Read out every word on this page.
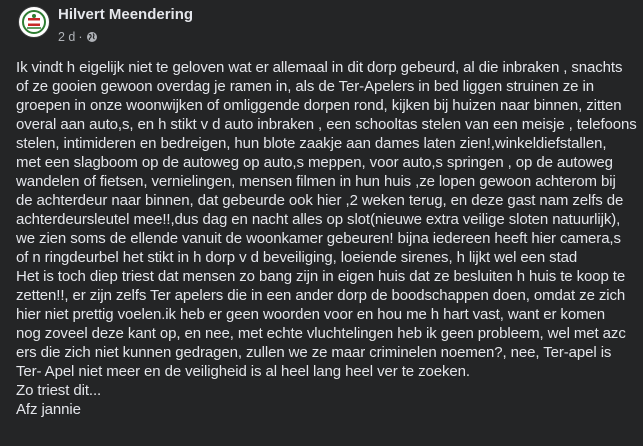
Hilvert Meendering
2 d ·
Ik vindt h eigelijk niet te geloven wat er allemaal in dit dorp gebeurd, al die inbraken , snachts
of ze gooien gewoon overdag je ramen in, als de Ter-Apelers in bed liggen struinen ze in
groepen in onze woonwijken of omliggende dorpen rond, kijken bij huizen naar binnen, zitten
overal aan auto,s, en h stikt v d auto inbraken , een schooltas stelen van een meisje , telefoons
stelen, intimideren en bedreigen, hun blote zaakje aan dames laten zien!,winkeldiefstallen,
met een slagboom op de autoweg op auto,s meppen, voor auto,s springen , op de autoweg
wandelen of fietsen, vernielingen, mensen filmen in hun huis ,ze lopen gewoon achterom bij
de achterdeur naar binnen, dat gebeurde ook hier ,2 weken terug, en deze gast nam zelfs de
achterdeursleutel mee!!,dus dag en nacht alles op slot(nieuwe extra veilige sloten natuurlijk),
we zien soms de ellende vanuit de woonkamer gebeuren! bijna iedereen heeft hier camera,s
of n ringdeurbel het stikt in h dorp v d beveiliging, loeiende sirenes, h lijkt wel een stad
Het is toch diep triest dat mensen zo bang zijn in eigen huis dat ze besluiten h huis te koop te
zetten!!, er zijn zelfs Ter apelers die in een ander dorp de boodschappen doen, omdat ze zich
hier niet prettig voelen.ik heb er geen woorden voor en hou me h hart vast, want er komen
nog zoveel deze kant op, en nee, met echte vluchtelingen heb ik geen probleem, wel met azc
ers die zich niet kunnen gedragen, zullen we ze maar criminelen noemen?, nee, Ter-apel is
Ter- Apel niet meer en de veiligheid is al heel lang heel ver te zoeken.
Zo triest dit...
Afz jannie
